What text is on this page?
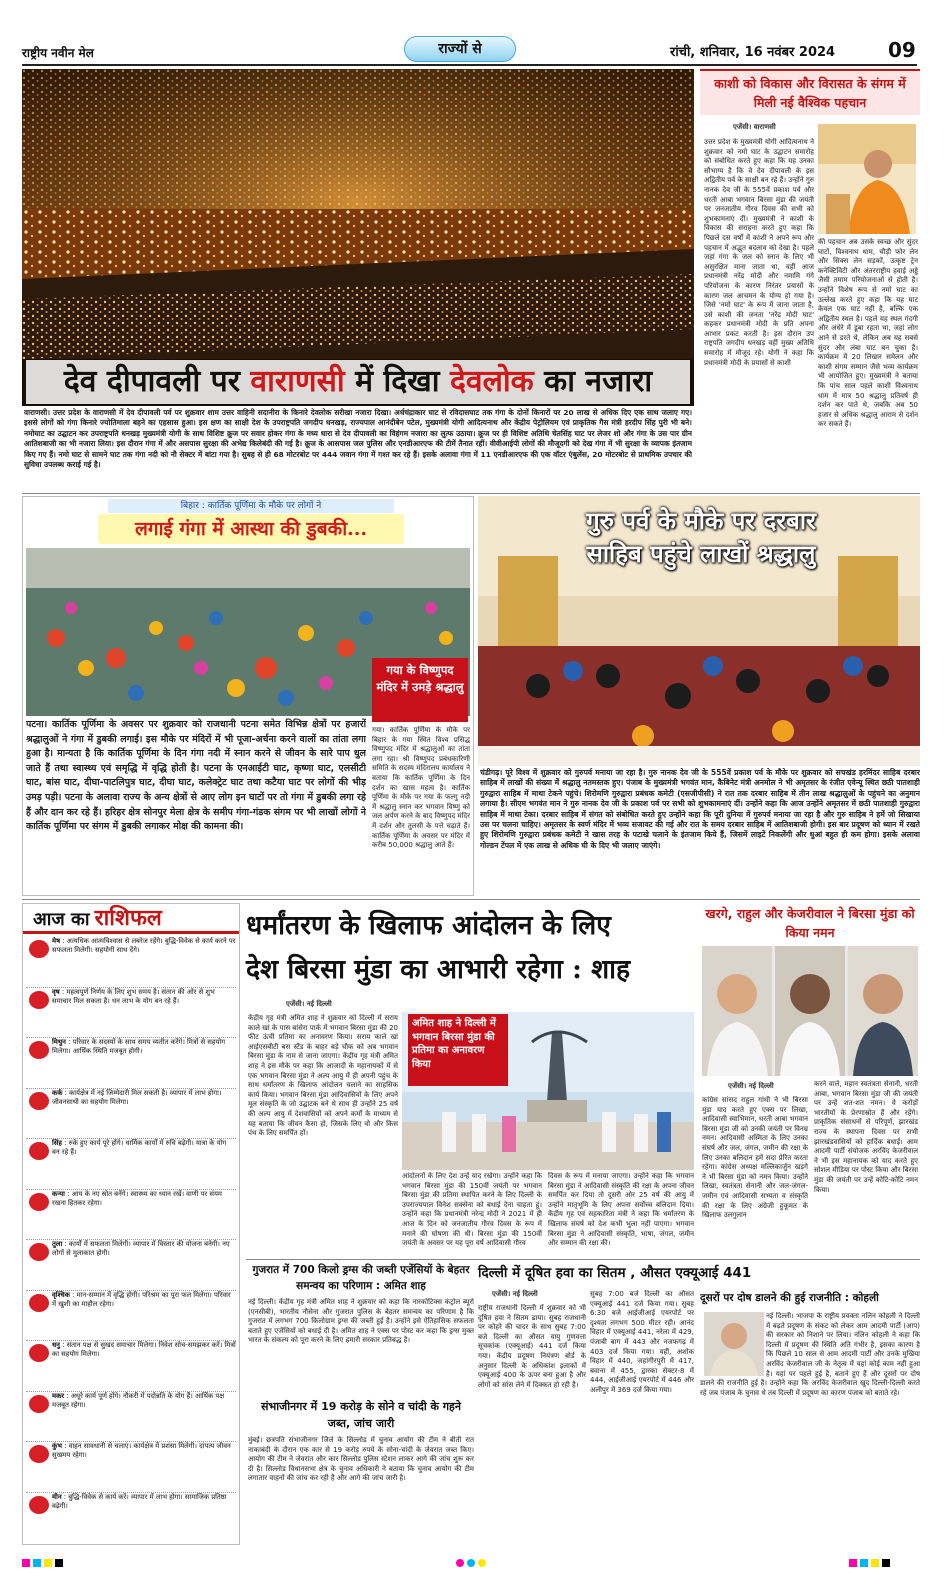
राष्ट्रीय नवीन मेल	राज्यों से	रांची, शनिवार, 16 नवंबर 2024	09
देव दीपावली पर वाराणसी में दिखा देवलोक का नजारा
वाराणसी। उत्तर प्रदेश के वाराणसी में देव दीपावली पर्व पर शुक्रवार शाम उत्तर वाहिनी सदानीरा के किनारे देवलोक सरीखा नजारा दिखा। अर्धचंद्राकार घाट से रविदासघाट तक गंगा के दोनों किनारों पर 20 लाख से अधिक दिए एक साथ जलाए गए। इससे लोगों को गंगा किनारे ज्योतिमाला बहने का एहसास हुआ। इस क्षण का साक्षी देश के उपराष्ट्रपति जगदीप धनखड़, राज्यपाल आनंदीबेन पटेल, मुख्यमंत्री योगी आदित्यनाथ और केंद्रीय पेट्रोलियम एवं प्राकृतिक गैस मंत्री हरदीप सिंह पुरी भी बने। नमोघाट का उद्घाटन कर उपराष्ट्रपति धनखड़ मुख्यमंत्री योगी के साथ विशिष्ट क्रूज पर सवार होकर गंगा के मध्य धारा से देव दीपावली का विहंगम नजारा का लुत्फ उठाया। क्रूज पर ही विशिष्ट अतिथि चेतसिंह घाट पर लेजर शो और गंगा के उस पार ग्रीन आतिशबाजी का भी नजारा लिया। इस दौरान गंगा में और असपास सुरक्षा की अभेद्य किलेबंदी की गई है। क्रूज के आसपास जल पुलिस और एनडीआरएफ की टीमें तैनात रहीं। वीवीआईपी लोगों की मौजूदगी को देख गंगा में भी सुरक्षा के व्यापक इंतजाम किए गए हैं। नमो घाट से सामने घाट तक गंगा नदी को नौ सेक्टर में बांटा गया है। सुबह से ही 68 मोटरबोट पर 444 जवान गंगा में गश्त कर रहे हैं। इसके अलावा गंगा में 11 एनडीआरएफ की एक वॉटर एंबुलेंस, 20 मोटरबोट से प्राथमिक उपचार की सुविधा उपलब्ध कराई गई है।
काशी को विकास और विरासत के संगम में मिली नई वैश्विक पहचान
एजेंसी। वाराणसी
उत्तर प्रदेश के मुख्यमंत्री योगी आदित्यनाथ ने शुक्रवार को नमो घाट के उद्घाटन समारोह को संबोधित करते हुए कहा कि यह उनका सौभाग्य है कि वे देव दीपावली के इस अद्वितीय पर्व के साक्षी बन रहे हैं। उन्होंने गुरु नानक देव जी के 555वें प्रकाश पर्व और धरती आबा भगवान बिरसा मुंडा की जयंती पर जनजातीय गौरव दिवस की सभी को शुभकामनाएं दीं। मुख्यमंत्री ने काशी के विकास की सराहना करते हुए कहा कि पिछले दस वर्षों में काशी ने अपने रूप और पहचान में अद्भुत बदलाव को देखा है। पहले जहां गंगा के जल को स्नान के लिए भी असुरक्षित माना जाता था, वहीं आज प्रधानमंत्री नरेंद्र मोदी और नमामि गंगे परियोजना के कारण निरंतर प्रयासों के कारण जल आचमन के योग्य हो गया है। जिसे 'नमो घाट' के रूप में जाना जाता है, उसे काशी की जनता 'नरेंद्र मोदी घाट' कहकर प्रधानमंत्री मोदी के प्रति अपना आभार प्रकट करती है। इस दौरान उप राष्ट्रपति जगदीप धनखड़ वहीं मुख्य अतिथि समारोह में मौजूद रहे। योगी ने कहा कि प्रधानमंत्री मोदी के प्रयासों से काशी
की पहचान अब उसके स्वच्छ और सुंदर घाटों, विश्वनाथ धाम, चौड़ी फोर लेन और सिक्स लेन सड़कों, उत्कृष्ट ट्रेन कनेक्टिविटी और अंतरराष्ट्रीय हवाई अड्डे जैसी तमाम परियोजनाओं से होती है। उन्होंने विशेष रूप से नमो घाट का उल्लेख करते हुए कहा कि यह घाट केवल एक घाट नहीं है, बल्कि एक अद्वितीय स्थल है। पहले यह स्थल गंदगी और अंधेरे में डूबा रहता था, जहां लोग आने से डरते थे, लेकिन अब यह सबसे सुंदर और लंबा घाट बन चुका है। कार्यक्रम में 20 लिखार समेलन और काशी संगम सम्मान जैसे भव्य कार्यक्रम भी आयोजित हुए। मुख्यमंत्री ने बताया कि पांच साल पहले काशी विश्वनाथ धाम में मात्र 50 श्रद्धालु प्रतिवर्ष ही दर्शन कर पाते थे, जबकि अब 50 हजार से अधिक श्रद्धालु आराम से दर्शन कर सकते हैं।
बिहार : कार्तिक पूर्णिमा के मौके पर लोगों ने
लगाई गंगा में आस्था की डुबकी...
गया के विष्णुपद मंदिर में उमड़े श्रद्धालु
पटना। कार्तिक पूर्णिमा के अवसर पर शुक्रवार को राजधानी पटना समेत विभिन्न क्षेत्रों पर हजारों श्रद्धालुओं ने गंगा में डुबकी लगाई। इस मौके पर मंदिरों में भी पूजा-अर्चना करने वालों का तांता लगा हुआ है। मान्यता है कि कार्तिक पूर्णिमा के दिन गंगा नदी में स्नान करने से जीवन के सारे पाप धुल जाते हैं तथा स्वास्थ्य एवं समृद्धि में वृद्धि होती है। पटना के एनआईटी घाट, कृष्णा घाट, एलसीटी घाट, बांस घाट, दीघा-पाटलिपुत्र घाट, दीघा घाट, कलेक्ट्रेट घाट तथा कटैया घाट पर लोगों की भीड़ उमड़ पड़ी। पटना के अलावा राज्य के अन्य क्षेत्रों से आए लोग इन घाटों पर तो गंगा में डुबकी लगा रहे हैं और दान कर रहे हैं। हरिहर क्षेत्र सोनपुर मेला क्षेत्र के समीप गंगा-गंडक संगम पर भी लाखों लोगों ने कार्तिक पूर्णिमा पर संगम में डुबकी लगाकर मोक्ष की कामना की।
गया। कार्तिक पूर्णिमा के मौके पर बिहार के गया स्थित विश्व प्रसिद्ध विष्णुपद मंदिर में श्रद्धालुओं का तांता लगा रहा। श्री विष्णुपद प्रबंधकारिणी समिति के सदस्य मंदिरालय कार्यालय ने बताया कि कार्तिक पूर्णिमा के दिन दर्शन का खास महत्व है। कार्तिक पूर्णिमा के मौके पर गया के फल्गु नदी में श्रद्धालु स्नान कर भगवान विष्णु को जल अर्पण करने के बाद विष्णुपद मंदिर में दर्शन और तुलसी के पत्ते चढ़ाते हैं। कार्तिक पूर्णिमा के अवसर पर मंदिर में करीब 50,000 श्रद्धालु आते हैं।
गुरु पर्व के मौके पर दरबार
साहिब पहुंचे लाखों श्रद्धालु
चंडीगढ़। पूरे विश्व में शुक्रवार को गुरुपर्व मनाया जा रहा है। गुरु नानक देव जी के 555वें प्रकाश पर्व के मौके पर शुक्रवार को सचखंड हरमिंदर साहिब दरबार साहिब में लाखों की संख्या में श्रद्धालु नतमस्तक हुए। पंजाब के मुख्यमंत्री भगवंत मान, कैबिनेट मंत्री अनमोल ने भी अमृतसर के रंजीत एवेन्यू स्थित छठी पातशाही गुरुद्वारा साहिब में माथा टेकने पहुंचे। शिरोमणि गुरुद्वारा प्रबंधक कमेटी (एसजीपीसी) ने रात तक दरबार साहिब में तीन लाख श्रद्धालुओं के पहुंचने का अनुमान लगाया है। सीएम भगवंत मान ने गुरु नानक देव जी के प्रकाश पर्व पर सभी को शुभकामनाएं दीं। उन्होंने कहा कि आज उन्होंने अमृतसर में छठी पातशाही गुरुद्वारा साहिब में माथा टेका। दरबार साहिब में संगत को संबोधित करते हुए उन्होंने कहा कि पूरी दुनिया में गुरुपर्व मनाया जा रहा है और गुरु साहिब ने हमें जो सिखाया उस पर चलना चाहिए। अमृतसर के स्वर्ण मंदिर में भव्य सजावट की गई और रात के समय दरबार साहिब में आतिशबाजी होगी। इस बार प्रदूषण को ध्यान में रखते हुए शिरोमणि गुरुद्वारा प्रबंधक कमेटी ने खास तरह के पटाखे चलाने के इंतजाम किये हैं, जिसमें लाइटें निकलेंगी और धुआं बहुत ही कम होगा। इसके अलावा गोल्डन टेंपल में एक लाख से अधिक घी के दिए भी जलाए जाएंगे।
आज का राशिफल
मेष : अत्यधिक आत्मविश्वास से लबरेज रहेंगे। बुद्धि-विवेक से कार्य करने पर सफलता मिलेगी। सहयोगी साथ देंगे।
वृष : महत्वपूर्ण निर्णय के लिए शुभ समय है। संतान की ओर से शुभ समाचार मिल सकता है। धन लाभ के योग बन रहे हैं।
मिथुन : परिवार के सदस्यों के साथ समय व्यतीत करेंगे। मित्रों से सहयोग मिलेगा। आर्थिक स्थिति मजबूत होगी।
कर्क : कार्यक्षेत्र में नई जिम्मेदारी मिल सकती है। व्यापार में लाभ होगा। जीवनसाथी का सहयोग मिलेगा।
सिंह : रुके हुए कार्य पूरे होंगे। धार्मिक कार्यों में रुचि बढ़ेगी। यात्रा के योग बन रहे हैं।
कन्या : आय के नए स्रोत बनेंगे। स्वास्थ्य का ध्यान रखें। वाणी पर संयम रखना हितकर रहेगा।
तुला : कार्यों में सफलता मिलेगी। व्यापार में विस्तार की योजना बनेगी। नए लोगों से मुलाकात होगी।
वृश्चिक : मान-सम्मान में वृद्धि होगी। परिश्रम का पूरा फल मिलेगा। परिवार में खुशी का माहौल रहेगा।
धनु : संतान पक्ष से सुखद समाचार मिलेगा। निवेश सोच-समझकर करें। मित्रों का सहयोग मिलेगा।
मकर : अधूरे कार्य पूर्ण होंगे। नौकरी में पदोन्नति के योग हैं। आर्थिक पक्ष मजबूत रहेगा।
कुंभ : वाहन सावधानी से चलाएं। कार्यक्षेत्र में प्रशंसा मिलेगी। दांपत्य जीवन सुखमय रहेगा।
मीन : बुद्धि-विवेक से कार्य करें। व्यापार में लाभ होगा। सामाजिक प्रतिष्ठा बढ़ेगी।
धर्मांतरण के खिलाफ आंदोलन के लिए
देश बिरसा मुंडा का आभारी रहेगा : शाह
एजेंसी। नई दिल्ली
केंद्रीय गृह मंत्री अमित शाह ने शुक्रवार को दिल्ली में सराय काले खां के पास बांसेरा पार्क में भगवान बिरसा मुंडा की 20 फीट ऊंची प्रतिमा का अनावरण किया। सराय काले खां आईएसबीटी बस स्टैंड के बाहर बड़े चौक को अब भगवान बिरसा मुंडा के नाम से जाना जाएगा। केंद्रीय गृह मंत्री अमित शाह ने इस मौके पर कहा कि आजादी के महानायकों में से एक भगवान बिरसा मुंडा ने अल्प आयु में ही अपनी पहुंच के साथ धर्मांतरण के खिलाफ आंदोलन चलाने का साहसिक कार्य किया। भगवान बिरसा मुंडा आदिवासियों के लिए अपने मूल संस्कृति के जो उद्घाटक बने थे साथ ही उन्होंने 25 वर्ष की अल्प आयु में देशवासियों को अपने कर्मों के माध्यम से यह बताया कि जीवन कैसा हो, जिसके लिए वो और किस पंथ के लिए समर्पित हों।
अमित शाह ने दिल्ली में भगवान बिरसा मुंडा की प्रतिमा का अनावरण किया
आंदोलनों के लिए देश उन्हें याद रखेगा। उन्होंने कहा कि भगवान बिरसा मुंडा की 150वीं जयंती पर भगवान बिरसा मुंडा की प्रतिमा स्थापित करने के लिए दिल्ली के उपराज्यपाल विनेश सक्सेना को बधाई देना चाहता हूं। उन्होंने कहा कि प्रधानमंत्री नरेन्द्र मोदी ने 2021 में ही आज के दिन को जनजातीय गौरव दिवस के रूप में मनाने की घोषणा की थी। बिरसा मुंडा की 150वीं जयंती के अवसर पर यह पूरा वर्ष आदिवासी गौरव
दिवस के रूप में मनाया जाएगा। उन्होंने कहा कि भगवान बिरसा मुंडा ने आदिवासी संस्कृति की रक्षा के अपना जीवन समर्पित कर दिया तो दूसरी ओर 25 वर्ष की आयु में उन्होंने मातृभूमि के लिए अपना सर्वोच्च बलिदान दिया। केंद्रीय गृह एवं सहकारिता मंत्री ने कहा कि धर्मांतरण के खिलाफ संघर्ष को देश कभी भुला नहीं पाएगा। भगवान बिरसा मुंडा ने आदिवासी संस्कृति, भाषा, जंगल, जमीन और सम्मान की रक्षा की।
खरगे, राहुल और केजरीवाल ने बिरसा मुंडा को किया नमन
एजेंसी। नई दिल्ली
कांग्रेस सांसद राहुल गांधी ने भी बिरसा मुंडा याद करते हुए एक्स पर लिखा, आदिवासी स्वाभिमान, धरती आबा भगवान बिरसा मुंडा जी को उनकी जयंती पर विनम्र नमन। आदिवासी अस्मिता के लिए उनका संघर्ष और जल, जंगल, जमीन की रक्षा के लिए उनका बलिदान हमें सदा प्रेरित करता रहेगा। कांग्रेस अध्यक्ष मल्लिकार्जुन खड़गे ने भी बिरसा मुंडा को नमन किया। उन्होंने लिखा, स्वतंत्रता सेनानी और जल-जंगल-जमीन एवं आदिवासी सभ्यता व संस्कृति की रक्षा के लिए अंग्रेजी हुकूमत के खिलाफ उलगुलान
करने वाले, महान स्वतंत्रता सेनानी, धरती आबा, भगवान बिरसा मुंडा जी की जयंती पर उन्हें शत-शत नमन। वे करोड़ों भारतीयों के प्रेरणास्रोत हैं और रहेंगे। प्राकृतिक संसाधनों से परिपूर्ण, झारखंड राज्य के स्थापना दिवस पर सभी झारखंडवासियों को हार्दिक बधाई। आम आदमी पार्टी संयोजक अरविंद केजरीवाल ने भी इस महानायक को याद करते हुए सोशल मीडिया पर पोस्ट किया और बिरसा मुंडा की जयंती पर उन्हें कोटि-कोटि नमन किया।
गुजरात में 700 किलो ड्रग्स की जब्ती एजेंसियों के बेहतर समन्वय का परिणाम : अमित शाह
नई दिल्ली। केंद्रीय गृह मंत्री अमित शाह ने शुक्रवार को कहा कि नारकोटिक्स कंट्रोल ब्यूरो (एनसीबी), भारतीय नौसेना और गुजरात पुलिस के बेहतर समन्वय का परिणाम है कि गुजरात में लगभग 700 किलोग्राम ड्रग्स की जब्ती हुई है। उन्होंने इसे ऐतिहासिक सफलता बताते हुए एजेंसियों को बधाई दी है। अमित शाह ने एक्स पर पोस्ट कर कहा कि ड्रग्स मुक्त भारत के संकल्प को पूरा करने के लिए हमारी सरकार प्रतिबद्ध है।
संभाजीनगर में 19 करोड़ के सोने व चांदी के गहने जब्त, जांच जारी
मुंबई। छत्रपति संभाजीनगर जिले के सिल्लोड में चुनाव आयोग की टीम ने बीती रात नाकाबंदी के दौरान एक कार से 19 करोड़ रुपये के सोना-चांदी के जेवरात जब्त किए। आयोग की टीम ने जेवरात और कार सिल्लोड पुलिस स्टेशन लाकर आगे की जांच शुरू कर दी है। सिल्लोड विधानसभा क्षेत्र के चुनाव अधिकारी ने बताया कि चुनाव आयोग की टीम लगातार वाहनों की जांच कर रही है और आगे की जांच जारी है।
दिल्ली में दूषित हवा का सितम , औसत एक्यूआई 441
एजेंसी। नई दिल्ली
राष्ट्रीय राजधानी दिल्ली में शुक्रवार को भी दूषित हवा ने सितम ढाया। सुबह राजधानी पर कोहरे की चादर के साथ सुबह 7:00 बजे दिल्ली का औसत वायु गुणवत्ता सूचकांक (एक्यूआई) 441 दर्ज किया गया। केंद्रीय प्रदूषण नियंत्रण बोर्ड के अनुसार दिल्ली के अधिकांश इलाकों में एक्यूआई 400 के ऊपर बना हुआ है और लोगों को सांस लेने में दिक्कत हो रही है।
सुबह 7:00 बजे दिल्ली का औसत एक्यूआई 441 दर्ज किया गया। सुबह 6:30 बजे आईजीआई एयरपोर्ट पर दृश्यता लगभग 500 मीटर रही। आनंद विहार में एक्यूआई 441, नरेला में 429, पंजाबी बाग में 443 और नजफगढ़ में 403 दर्ज किया गया। वहीं, अशोक विहार में 440, जहांगीरपुरी में 417, बवाना में 455, द्वारका सेक्टर-8 में 444, आईजीआई एयरपोर्ट में 446 और अलीपुर में 369 दर्ज किया गया।
दूसरों पर दोष डालने की हुई राजनीति : कोहली
नई दिल्ली। भाजपा के राष्ट्रीय प्रवक्ता नलिन कोहली ने दिल्ली में बढ़ते प्रदूषण के संकट को लेकर आम आदमी पार्टी (आप) की सरकार को निशाने पर लिया। नलिन कोहली ने कहा कि दिल्ली में प्रदूषण की स्थिति अति गंभीर है, इसका कारण है कि पिछले 10 साल से आम आदमी पार्टी और उनके मुखिया अरविंद केजरीवाल जी के नेतृत्व में यहां कोई काम नहीं हुआ है। यहां पर पहले हुई है, बताने हुए हैं और दूसरों पर दोष डालने की राजनीति हुई है। उन्होंने कहा कि अरविंद केजरीवाल खुद दिल्ली-दिल्ली करते रहे जब पंजाब के चुनाव थे तब दिल्ली में प्रदूषण का कारण पंजाब को बताते रहे।
